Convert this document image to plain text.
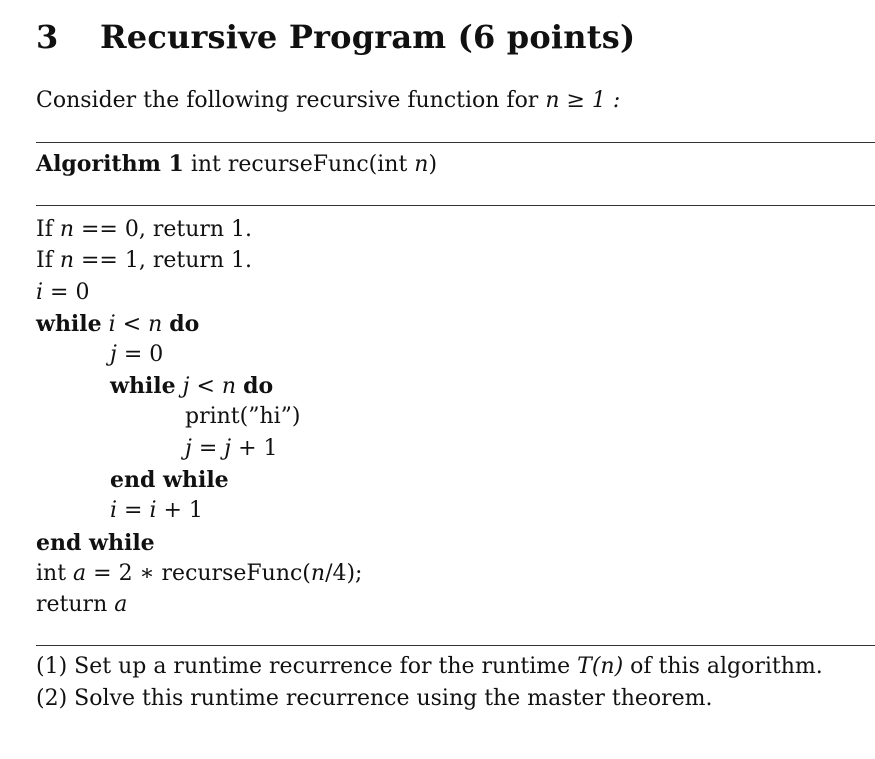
3 Recursive Program (6 points)
Consider the following recursive function for n ≥ 1 :
Algorithm 1 int recurseFunc(int n)
If n == 0, return 1.
If n == 1, return 1.
i = 0
while i < n do
j = 0
while j < n do
print(”hi”)
j = j + 1
end while
i = i + 1
end while
int a = 2 ∗ recurseFunc(n/4);
return a
(1) Set up a runtime recurrence for the runtime T(n) of this algorithm.
(2) Solve this runtime recurrence using the master theorem.
